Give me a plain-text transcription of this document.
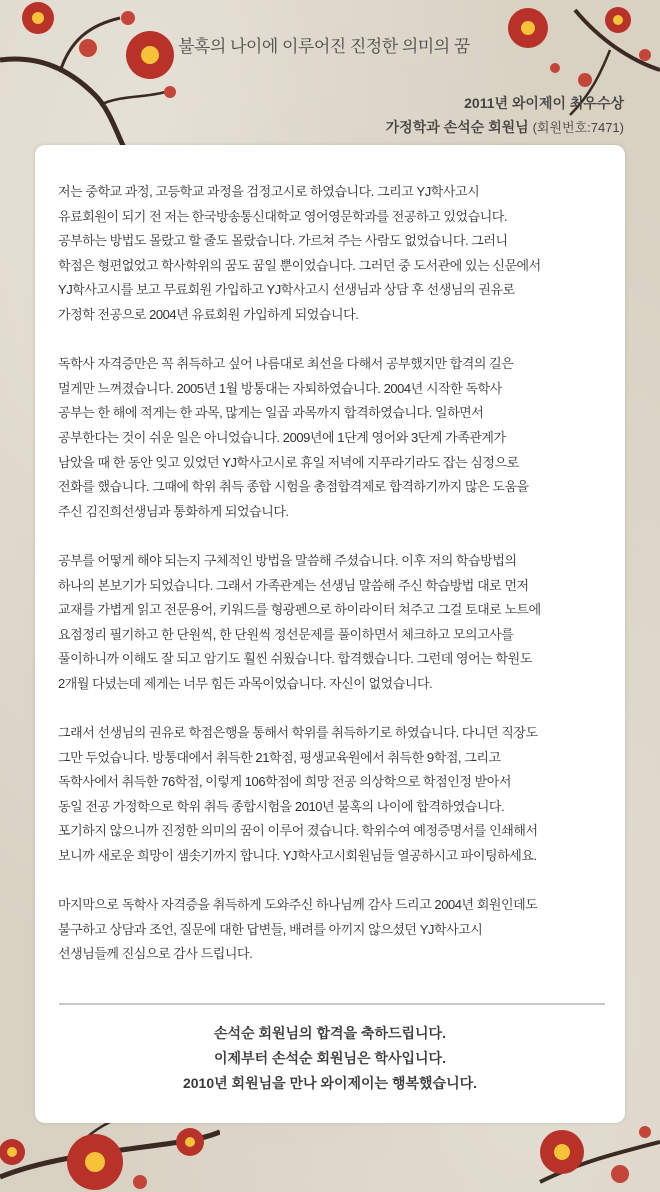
불혹의 나이에 이루어진 진정한 의미의 꿈
2011년 와이제이 최우수상
가정학과 손석순 회원님 (회원번호:7471)

저는 중학교 과정, 고등학교 과정을 검정고시로 하였습니다. 그리고 YJ학사고시
유료회원이 되기 전 저는 한국방송통신대학교 영어영문학과를 전공하고 있었습니다.
공부하는 방법도 몰랐고 할 줄도 몰랐습니다. 가르쳐 주는 사람도 없었습니다. 그러니
학점은 형편없었고 학사학위의 꿈도 꿈일 뿐이었습니다. 그러던 중 도서관에 있는 신문에서
YJ학사고시를 보고 무료회원 가입하고 YJ학사고시 선생님과 상담 후 선생님의 권유로
가정학 전공으로 2004년 유료회원 가입하게 되었습니다.

독학사 자격증만은 꼭 취득하고 싶어 나름대로 최선을 다해서 공부했지만 합격의 길은
멀게만 느껴졌습니다. 2005년 1월 방통대는 자퇴하였습니다. 2004년 시작한 독학사
공부는 한 해에 적게는 한 과목, 많게는 일곱 과목까지 합격하였습니다. 일하면서
공부한다는 것이 쉬운 일은 아니었습니다. 2009년에 1단계 영어와 3단계 가족관계가
남았을 때 한 동안 잊고 있었던 YJ학사고시로 휴일 저녁에 지푸라기라도 잡는 심정으로
전화를 했습니다. 그때에 학위 취득 종합 시험을 총점합격제로 합격하기까지 많은 도움을
주신 김진희선생님과 통화하게 되었습니다.

공부를 어떻게 해야 되는지 구체적인 방법을 말씀해 주셨습니다. 이후 저의 학습방법의
하나의 본보기가 되었습니다. 그래서 가족관계는 선생님 말씀해 주신 학습방법 대로 먼저
교재를 가볍게 읽고 전문용어, 키워드를 형광펜으로 하이라이터 쳐주고 그걸 토대로 노트에
요점정리 필기하고 한 단원씩, 한 단원씩 정선문제를 풀이하면서 체크하고 모의고사를
풀이하니까 이해도 잘 되고 암기도 훨씬 쉬웠습니다. 합격했습니다. 그런데 영어는 학원도
2개월 다녔는데 제게는 너무 힘든 과목이었습니다. 자신이 없었습니다.

그래서 선생님의 권유로 학점은행을 통해서 학위를 취득하기로 하였습니다. 다니던 직장도
그만 두었습니다. 방통대에서 취득한 21학점, 평생교육원에서 취득한 9학점, 그리고
독학사에서 취득한 76학점, 이렇게 106학점에 희망 전공 의상학으로 학점인정 받아서
동일 전공 가정학으로 학위 취득 종합시험을 2010년 불혹의 나이에 합격하였습니다.
포기하지 않으니까 진정한 의미의 꿈이 이루어 졌습니다. 학위수여 예정증명서를 인쇄해서
보니까 새로운 희망이 샘솟기까지 합니다. YJ학사고시회원님들 열공하시고 파이팅하세요.

마지막으로 독학사 자격증을 취득하게 도와주신 하나님께 감사 드리고 2004년 회원인데도
불구하고 상담과 조언, 질문에 대한 답변들, 배려를 아끼지 않으셨던 YJ학사고시
선생님들께 진심으로 감사 드립니다.

손석순 회원님의 합격을 축하드립니다.
이제부터 손석순 회원님은 학사입니다.
2010년 회원님을 만나 와이제이는 행복했습니다.
